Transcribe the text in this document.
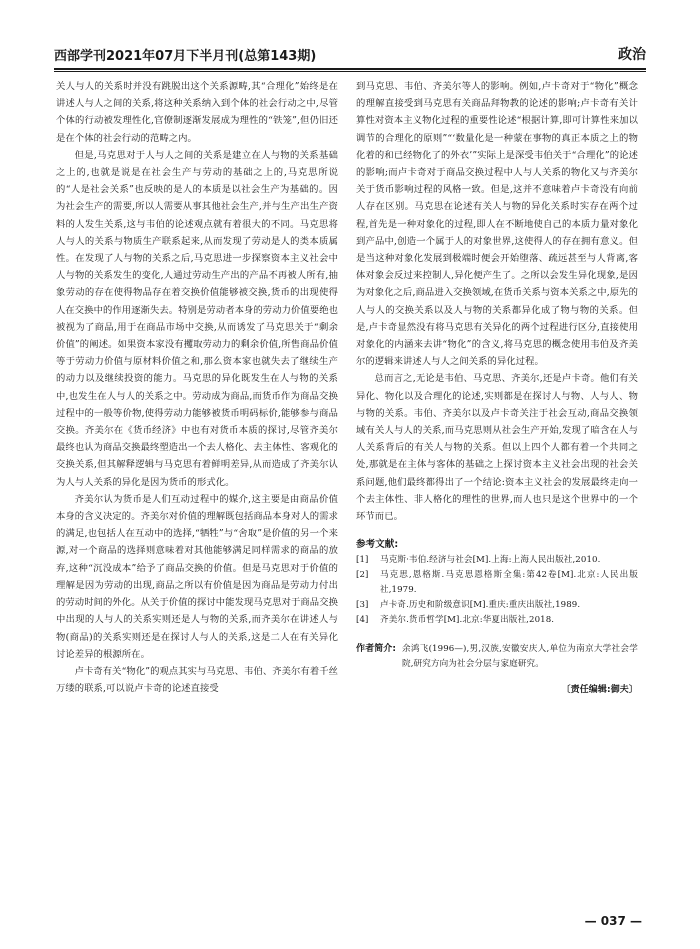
西部学刊2021年07月下半月刊(总第143期)	政治

关人与人的关系时并没有跳脱出这个关系源畴,其“合理化”始终是在讲述人与人之间的关系,将这种关系纳入到个体的社会行动之中,尽管个体的行动被发理性化,官僚制逐渐发展成为理性的“铁笼”,但仍旧还是在个体的社会行动的范畴之内。

但是,马克思对于人与人之间的关系是建立在人与物的关系基础之上的,也就是说是在社会生产与劳动的基础之上的,马克思所说的“人是社会关系”也反映的是人的本质是以社会生产为基础的。因为社会生产的需要,所以人需要从事其他社会生产,并与生产出生产资料的人发生关系,这与韦伯的论述观点就有着很大的不同。马克思将人与人的关系与物质生产联系起来,从而发现了劳动是人的类本质属性。在发现了人与物的关系之后,马克思进一步探察资本主义社会中人与物的关系发生的变化,人通过劳动生产出的产品不再被人所有,抽象劳动的存在使得物品存在着交换价值能够被交换,货币的出现使得人在交换中的作用逐渐失去。特别是劳动者本身的劳动力价值要绝也被视为了商品,用于在商品市场中交换,从而诱发了马克思关于“剩余价值”的阐述。如果资本家没有攫取劳动力的剩余价值,所售商品价值等于劳动力价值与原材料价值之和,那么资本家也就失去了继续生产的动力以及继续投资的能力。马克思的异化既发生在人与物的关系中,也发生在人与人的关系之中。劳动成为商品,而货币作为商品交换过程中的一般等价物,使得劳动力能够被货币明码标价,能够参与商品交换。齐美尔在《货币经济》中也有对货币本质的探讨,尽管齐美尔最终也认为商品交换最终塑造出一个去人格化、去主体性、客观化的交换关系,但其解释逻辑与马克思有着鲜明差异,从而造成了齐美尔认为人与人关系的异化是因为货币的形式化。

齐美尔认为货币是人们互动过程中的媒介,这主要是由商品价值本身的含义决定的。齐美尔对价值的理解既包括商品本身对人的需求的满足,也包括人在互动中的选择,“牺牲”与“舍取”是价值的另一个来源,对一个商品的选择则意味着对其他能够满足同样需求的商品的放弃,这种“沉没成本”给予了商品交换的价值。但是马克思对于价值的理解是因为劳动的出现,商品之所以有价值是因为商品是劳动力付出的劳动时间的外化。从关于价值的探讨中能发现马克思对于商品交换中出现的人与人的关系实则还是人与物的关系,而齐美尔在讲述人与物(商品)的关系实则还是在探讨人与人的关系,这是二人在有关异化讨论差异的根源所在。

卢卡奇有关“物化”的观点其实与马克思、韦伯、齐美尔有着千丝万缕的联系,可以说卢卡奇的论述直接受

到马克思、韦伯、齐美尔等人的影响。例如,卢卡奇对于“物化”概念的理解直接受到马克思有关商品拜物教的论述的影响;卢卡奇有关计算性对资本主义物化过程的重要性论述“根据计算,即可计算性来加以调节的合理化的原则”“‘数量化是一种蒙在事物的真正本质之上的物化着的和已经物化了的外衣’”实际上是深受韦伯关于“合理化”的论述的影响;而卢卡奇对于商品交换过程中人与人关系的物化又与齐美尔关于货币影响过程的风格一致。但是,这并不意味着卢卡奇没有向前人存在区别。马克思在论述有关人与物的异化关系时实存在两个过程,首先是一种对象化的过程,即人在不断地使自己的本质力量对象化到产品中,创造一个属于人的对象世界,这使得人的存在拥有意义。但是当这种对象化发展到极端时便会开始堕落、疏远甚至与人背离,客体对象会反过来控制人,异化便产生了。之所以会发生异化现象,是因为对象化之后,商品进入交换领域,在货币关系与资本关系之中,原先的人与人的交换关系以及人与物的关系都异化成了物与物的关系。但是,卢卡奇显然没有将马克思有关异化的两个过程进行区分,直接使用对象化的内涵来去讲“物化”的含义,将马克思的概念使用韦伯及齐美尔的逻辑来讲述人与人之间关系的异化过程。

总而言之,无论是韦伯、马克思、齐美尔,还是卢卡奇。他们有关异化、物化以及合理化的论述,实则都是在探讨人与物、人与人、物与物的关系。韦伯、齐美尔以及卢卡奇关注于社会互动,商品交换领域有关人与人的关系,而马克思则从社会生产开始,发现了暗含在人与人关系背后的有关人与物的关系。但以上四个人都有着一个共同之处,那就是在主体与客体的基础之上探讨资本主义社会出现的社会关系问题,他们最终都得出了一个结论:资本主义社会的发展最终走向一个去主体性、非人格化的理性的世界,而人也只是这个世界中的一个环节而已。

参考文献:
[1]	马克斯·韦伯.经济与社会[M].上海:上海人民出版社,2010.
[2]	马克思,恩格斯.马克思恩格斯全集:第42卷[M].北京:人民出版社,1979.
[3]	卢卡奇.历史和阶级意识[M].重庆:重庆出版社,1989.
[4]	齐美尔.货币哲学[M].北京:华夏出版社,2018.
作者简介: 余鸿飞(1996—),男,汉族,安徽安庆人,单位为南京大学社会学院,研究方向为社会分层与家庭研究。
〔责任编辑:御夫〕
— 037 —
